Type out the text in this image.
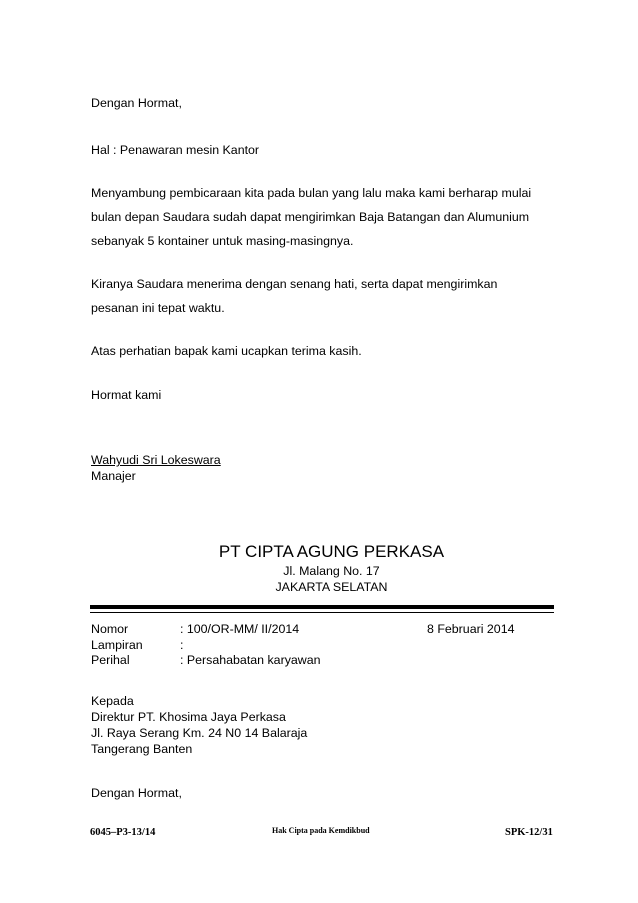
Dengan Hormat,
Hal : Penawaran mesin Kantor
Menyambung pembicaraan kita pada bulan yang lalu maka kami berharap mulai
bulan depan Saudara sudah dapat mengirimkan Baja Batangan dan Alumunium
sebanyak 5 kontainer untuk masing-masingnya.
Kiranya Saudara menerima dengan senang hati, serta dapat mengirimkan
pesanan ini tepat waktu.
Atas perhatian bapak kami ucapkan terima kasih.
Hormat kami
Wahyudi Sri Lokeswara
Manajer
PT CIPTA AGUNG PERKASA
Jl. Malang No. 17
JAKARTA SELATAN
Nomor	: 100/OR-MM/ II/2014	8 Februari 2014
Lampiran	:
Perihal	: Persahabatan karyawan
Kepada
Direktur PT. Khosima Jaya Perkasa
Jl. Raya Serang Km. 24 N0 14 Balaraja
Tangerang Banten
Dengan Hormat,
6045–P3-13/14	Hak Cipta pada Kemdikbud	SPK-12/31
